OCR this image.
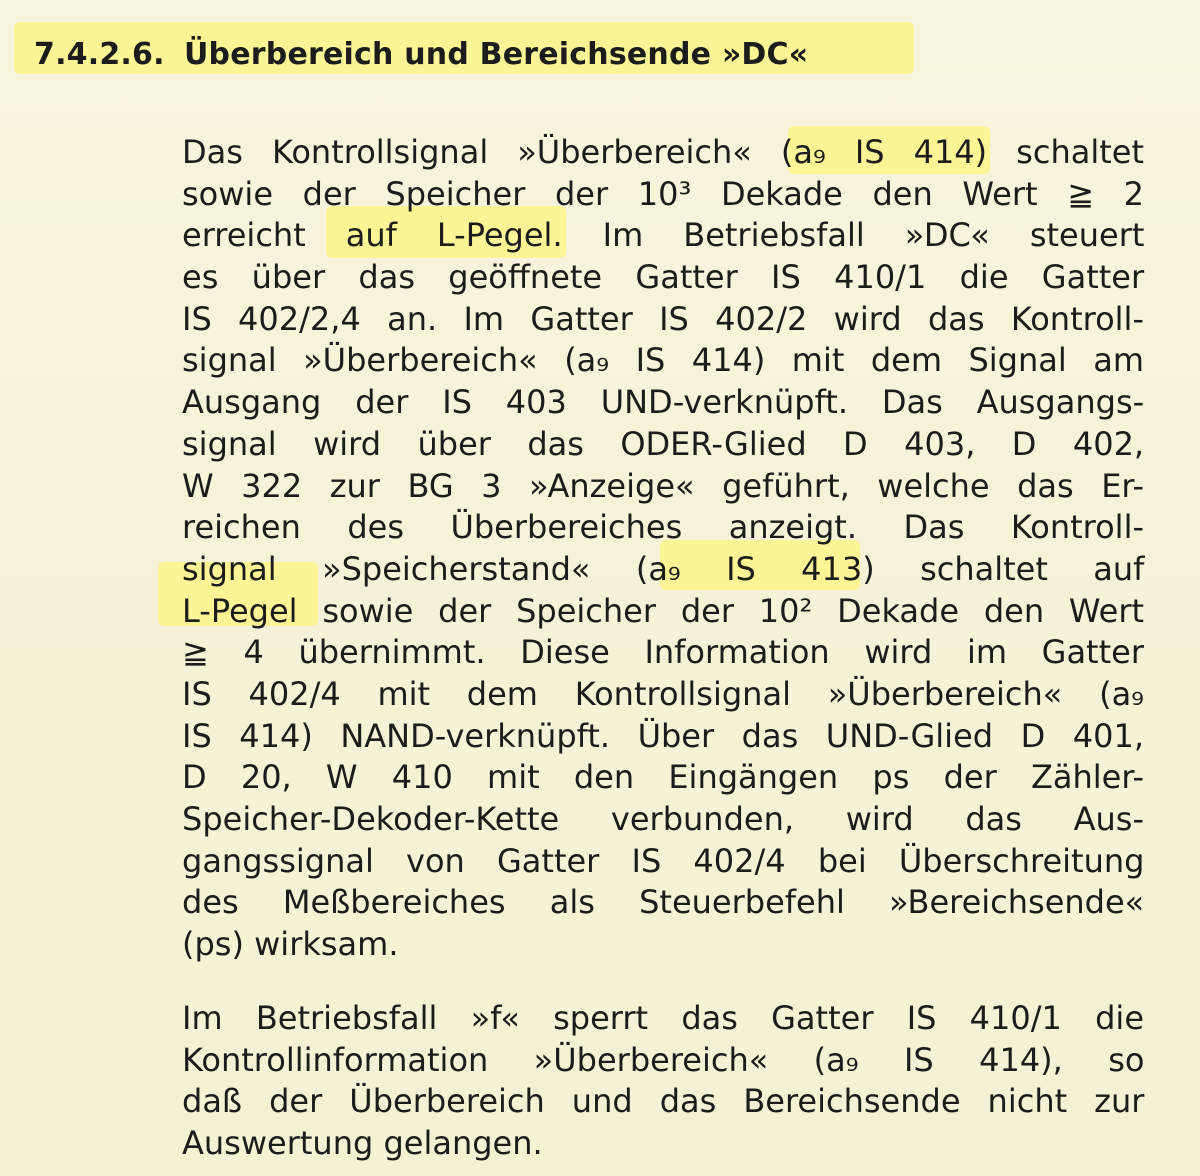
7.4.2.6. Überbereich und Bereichsende »DC«
Das Kontrollsignal »Überbereich« (a₉ IS 414) schaltet
sowie der Speicher der 10³ Dekade den Wert ≧ 2
erreicht auf L-Pegel. Im Betriebsfall »DC« steuert
es über das geöffnete Gatter IS 410/1 die Gatter
IS 402/2,4 an. Im Gatter IS 402/2 wird das Kontroll-
signal »Überbereich« (a₉ IS 414) mit dem Signal am
Ausgang der IS 403 UND-verknüpft. Das Ausgangs-
signal wird über das ODER-Glied D 403, D 402,
W 322 zur BG 3 »Anzeige« geführt, welche das Er-
reichen des Überbereiches anzeigt. Das Kontroll-
signal »Speicherstand« (a₉ IS 413) schaltet auf
L-Pegel sowie der Speicher der 10² Dekade den Wert
≧ 4 übernimmt. Diese Information wird im Gatter
IS 402/4 mit dem Kontrollsignal »Überbereich« (a₉
IS 414) NAND-verknüpft. Über das UND-Glied D 401,
D 20, W 410 mit den Eingängen ps der Zähler-
Speicher-Dekoder-Kette verbunden, wird das Aus-
gangssignal von Gatter IS 402/4 bei Überschreitung
des Meßbereiches als Steuerbefehl »Bereichsende«
(ps) wirksam.
Im Betriebsfall »f« sperrt das Gatter IS 410/1 die
Kontrollinformation »Überbereich« (a₉ IS 414), so
daß der Überbereich und das Bereichsende nicht zur
Auswertung gelangen.
